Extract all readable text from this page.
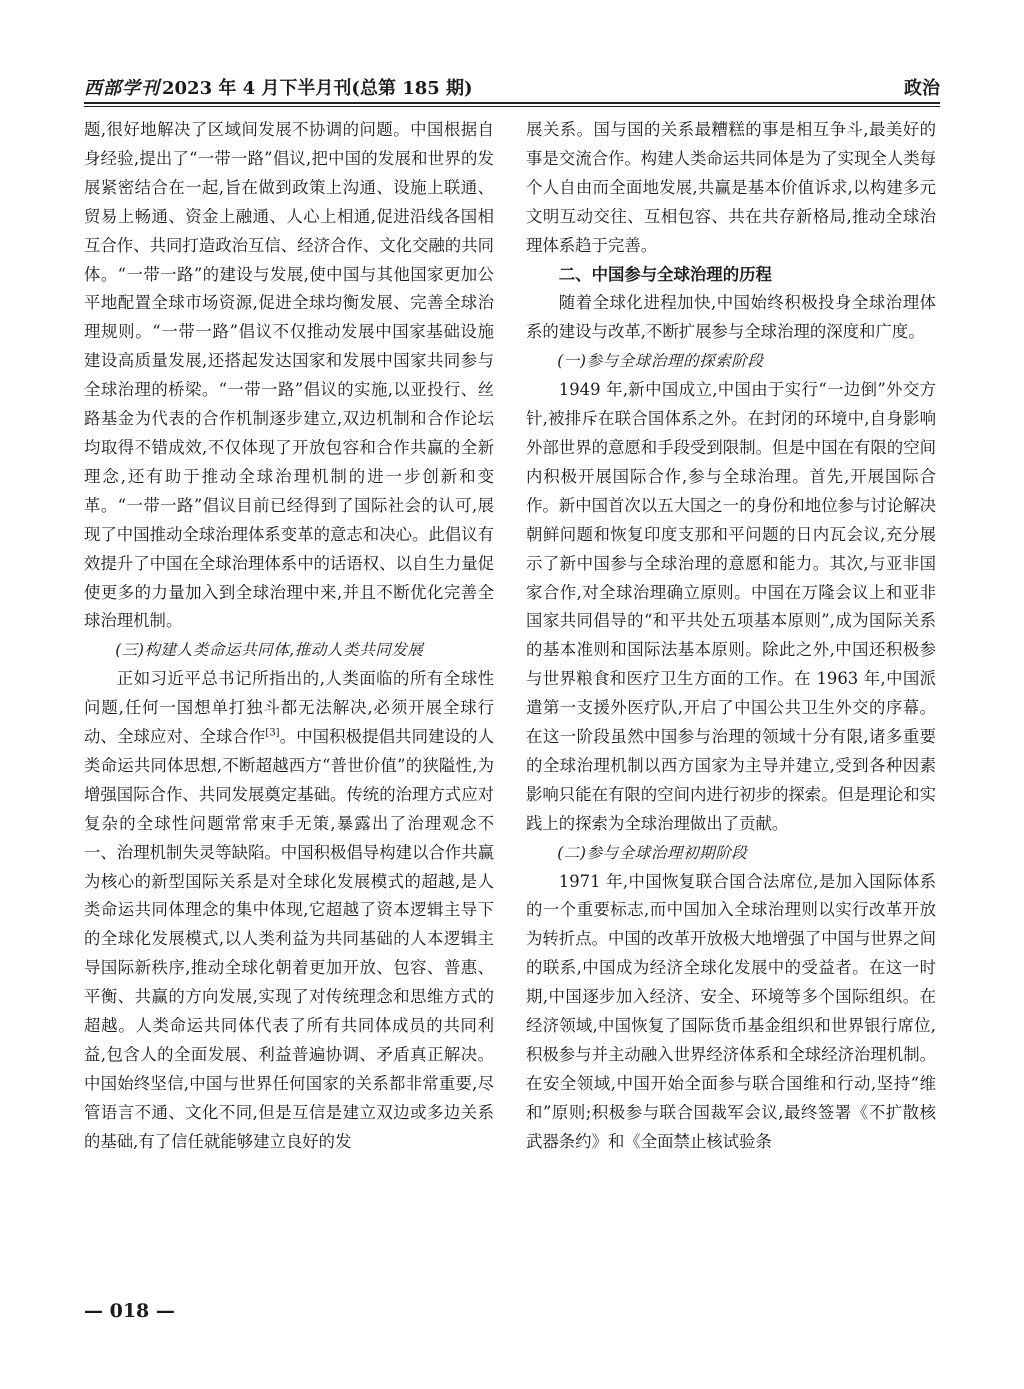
西部学刊 2023 年 4 月下半月刊(总第 185 期)	政治

题,很好地解决了区域间发展不协调的问题。中国根据自身经验,提出了“一带一路”倡议,把中国的发展和世界的发展紧密结合在一起,旨在做到政策上沟通、设施上联通、贸易上畅通、资金上融通、人心上相通,促进沿线各国相互合作、共同打造政治互信、经济合作、文化交融的共同体。“一带一路”的建设与发展,使中国与其他国家更加公平地配置全球市场资源,促进全球均衡发展、完善全球治理规则。“一带一路”倡议不仅推动发展中国家基础设施建设高质量发展,还搭起发达国家和发展中国家共同参与全球治理的桥梁。“一带一路”倡议的实施,以亚投行、丝路基金为代表的合作机制逐步建立,双边机制和合作论坛均取得不错成效,不仅体现了开放包容和合作共赢的全新理念,还有助于推动全球治理机制的进一步创新和变革。“一带一路”倡议目前已经得到了国际社会的认可,展现了中国推动全球治理体系变革的意志和决心。此倡议有效提升了中国在全球治理体系中的话语权、以自生力量促使更多的力量加入到全球治理中来,并且不断优化完善全球治理机制。

(三)构建人类命运共同体,推动人类共同发展

正如习近平总书记所指出的,人类面临的所有全球性问题,任何一国想单打独斗都无法解决,必须开展全球行动、全球应对、全球合作[3]。中国积极提倡共同建设的人类命运共同体思想,不断超越西方“普世价值”的狭隘性,为增强国际合作、共同发展奠定基础。传统的治理方式应对复杂的全球性问题常常束手无策,暴露出了治理观念不一、治理机制失灵等缺陷。中国积极倡导构建以合作共赢为核心的新型国际关系是对全球化发展模式的超越,是人类命运共同体理念的集中体现,它超越了资本逻辑主导下的全球化发展模式,以人类利益为共同基础的人本逻辑主导国际新秩序,推动全球化朝着更加开放、包容、普惠、平衡、共赢的方向发展,实现了对传统理念和思维方式的超越。人类命运共同体代表了所有共同体成员的共同利益,包含人的全面发展、利益普遍协调、矛盾真正解决。中国始终坚信,中国与世界任何国家的关系都非常重要,尽管语言不通、文化不同,但是互信是建立双边或多边关系的基础,有了信任就能够建立良好的发

展关系。国与国的关系最糟糕的事是相互争斗,最美好的事是交流合作。构建人类命运共同体是为了实现全人类每个人自由而全面地发展,共赢是基本价值诉求,以构建多元文明互动交往、互相包容、共在共存新格局,推动全球治理体系趋于完善。

二、中国参与全球治理的历程

随着全球化进程加快,中国始终积极投身全球治理体系的建设与改革,不断扩展参与全球治理的深度和广度。

(一)参与全球治理的探索阶段

1949 年,新中国成立,中国由于实行“一边倒”外交方针,被排斥在联合国体系之外。在封闭的环境中,自身影响外部世界的意愿和手段受到限制。但是中国在有限的空间内积极开展国际合作,参与全球治理。首先,开展国际合作。新中国首次以五大国之一的身份和地位参与讨论解决朝鲜问题和恢复印度支那和平问题的日内瓦会议,充分展示了新中国参与全球治理的意愿和能力。其次,与亚非国家合作,对全球治理确立原则。中国在万隆会议上和亚非国家共同倡导的“和平共处五项基本原则”,成为国际关系的基本准则和国际法基本原则。除此之外,中国还积极参与世界粮食和医疗卫生方面的工作。在 1963 年,中国派遣第一支援外医疗队,开启了中国公共卫生外交的序幕。在这一阶段虽然中国参与治理的领域十分有限,诸多重要的全球治理机制以西方国家为主导并建立,受到各种因素影响只能在有限的空间内进行初步的探索。但是理论和实践上的探索为全球治理做出了贡献。

(二)参与全球治理初期阶段

1971 年,中国恢复联合国合法席位,是加入国际体系的一个重要标志,而中国加入全球治理则以实行改革开放为转折点。中国的改革开放极大地增强了中国与世界之间的联系,中国成为经济全球化发展中的受益者。在这一时期,中国逐步加入经济、安全、环境等多个国际组织。在经济领域,中国恢复了国际货币基金组织和世界银行席位,积极参与并主动融入世界经济体系和全球经济治理机制。在安全领域,中国开始全面参与联合国维和行动,坚持“维和”原则;积极参与联合国裁军会议,最终签署《不扩散核武器条约》和《全面禁止核试验条

— 018 —
